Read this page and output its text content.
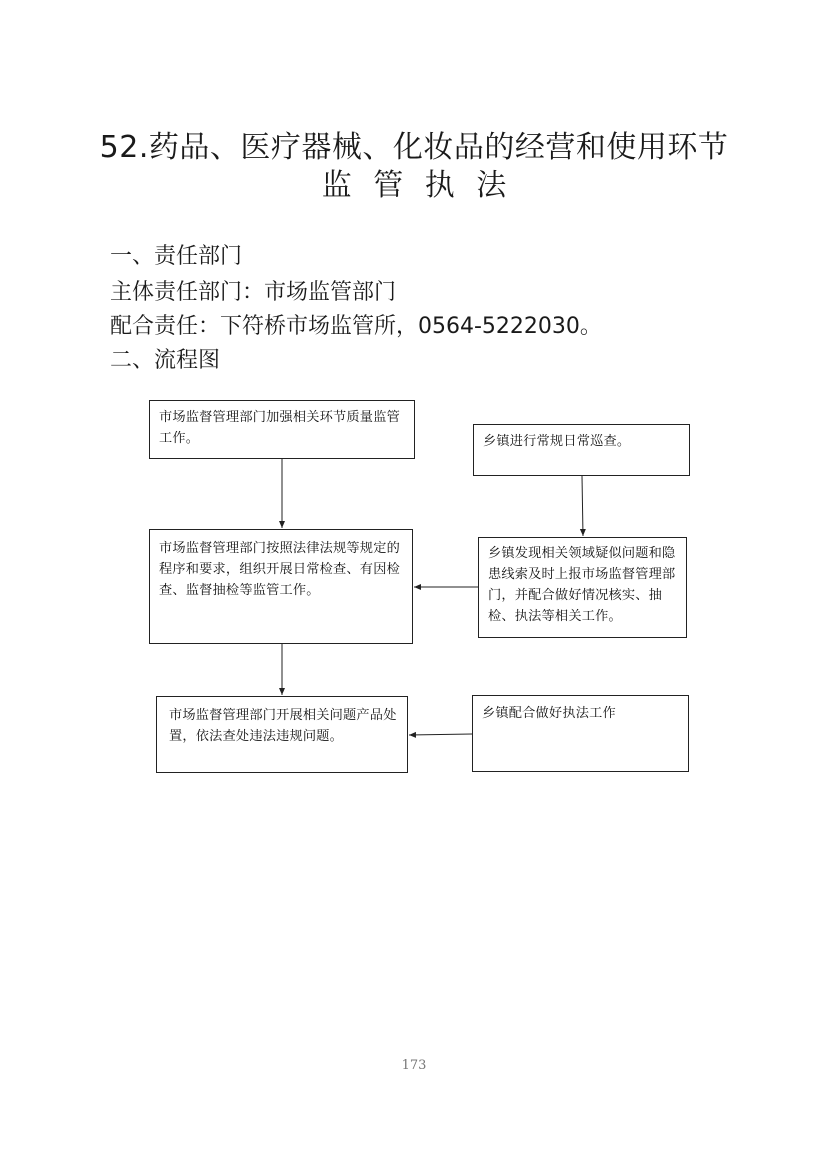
52.药品、医疗器械、化妆品的经营和使用环节
监 管 执 法
一、责任部门
主体责任部门：市场监管部门
配合责任：下符桥市场监管所，0564-5222030。
二、流程图
市场监督管理部门加强相关环节质量监管工作。	乡镇进行常规日常巡查。
市场监督管理部门按照法律法规等规定的程序和要求，组织开展日常检查、有因检查、监督抽检等监管工作。
乡镇发现相关领域疑似问题和隐患线索及时上报市场监督管理部门，并配合做好情况核实、抽检、执法等相关工作。
市场监督管理部门开展相关问题产品处置，依法查处违法违规问题。
乡镇配合做好执法工作
173
